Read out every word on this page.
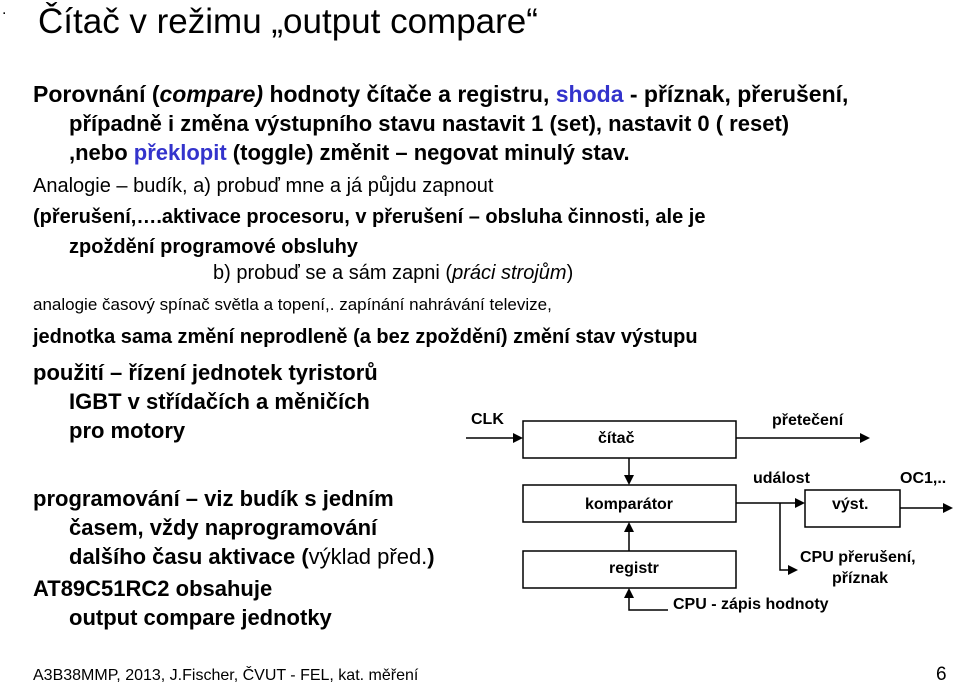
. Čítač v režimu „output compare“
Porovnání (compare) hodnoty čítače a registru, shoda - příznak, přerušení,
případně i změna výstupního stavu nastavit 1 (set), nastavit 0 ( reset)
,nebo překlopit (toggle) změnit – negovat minulý stav.
Analogie – budík, a) probuď mne a já půjdu zapnout
(přerušení,….aktivace procesoru, v přerušení – obsluha činnosti, ale je
zpoždění programové obsluhy
b) probuď se a sám zapni (práci strojům)
analogie časový spínač světla a topení,. zapínání nahrávání televize,
jednotka sama změní neprodleně (a bez zpoždění) změní stav výstupu
použití – řízení jednotek tyristorů
IGBT v střídačích a měničích
pro motory
programování – viz budík s jedním
časem, vždy naprogramování
dalšího času aktivace (výklad před.)
AT89C51RC2 obsahuje
output compare jednotky
CLK
čítač
přetečení
komparátor
událost
výst.
OC1,..
registr
CPU přerušení,
příznak
CPU - zápis hodnoty
A3B38MMP, 2013, J.Fischer, ČVUT - FEL, kat. měření	6
